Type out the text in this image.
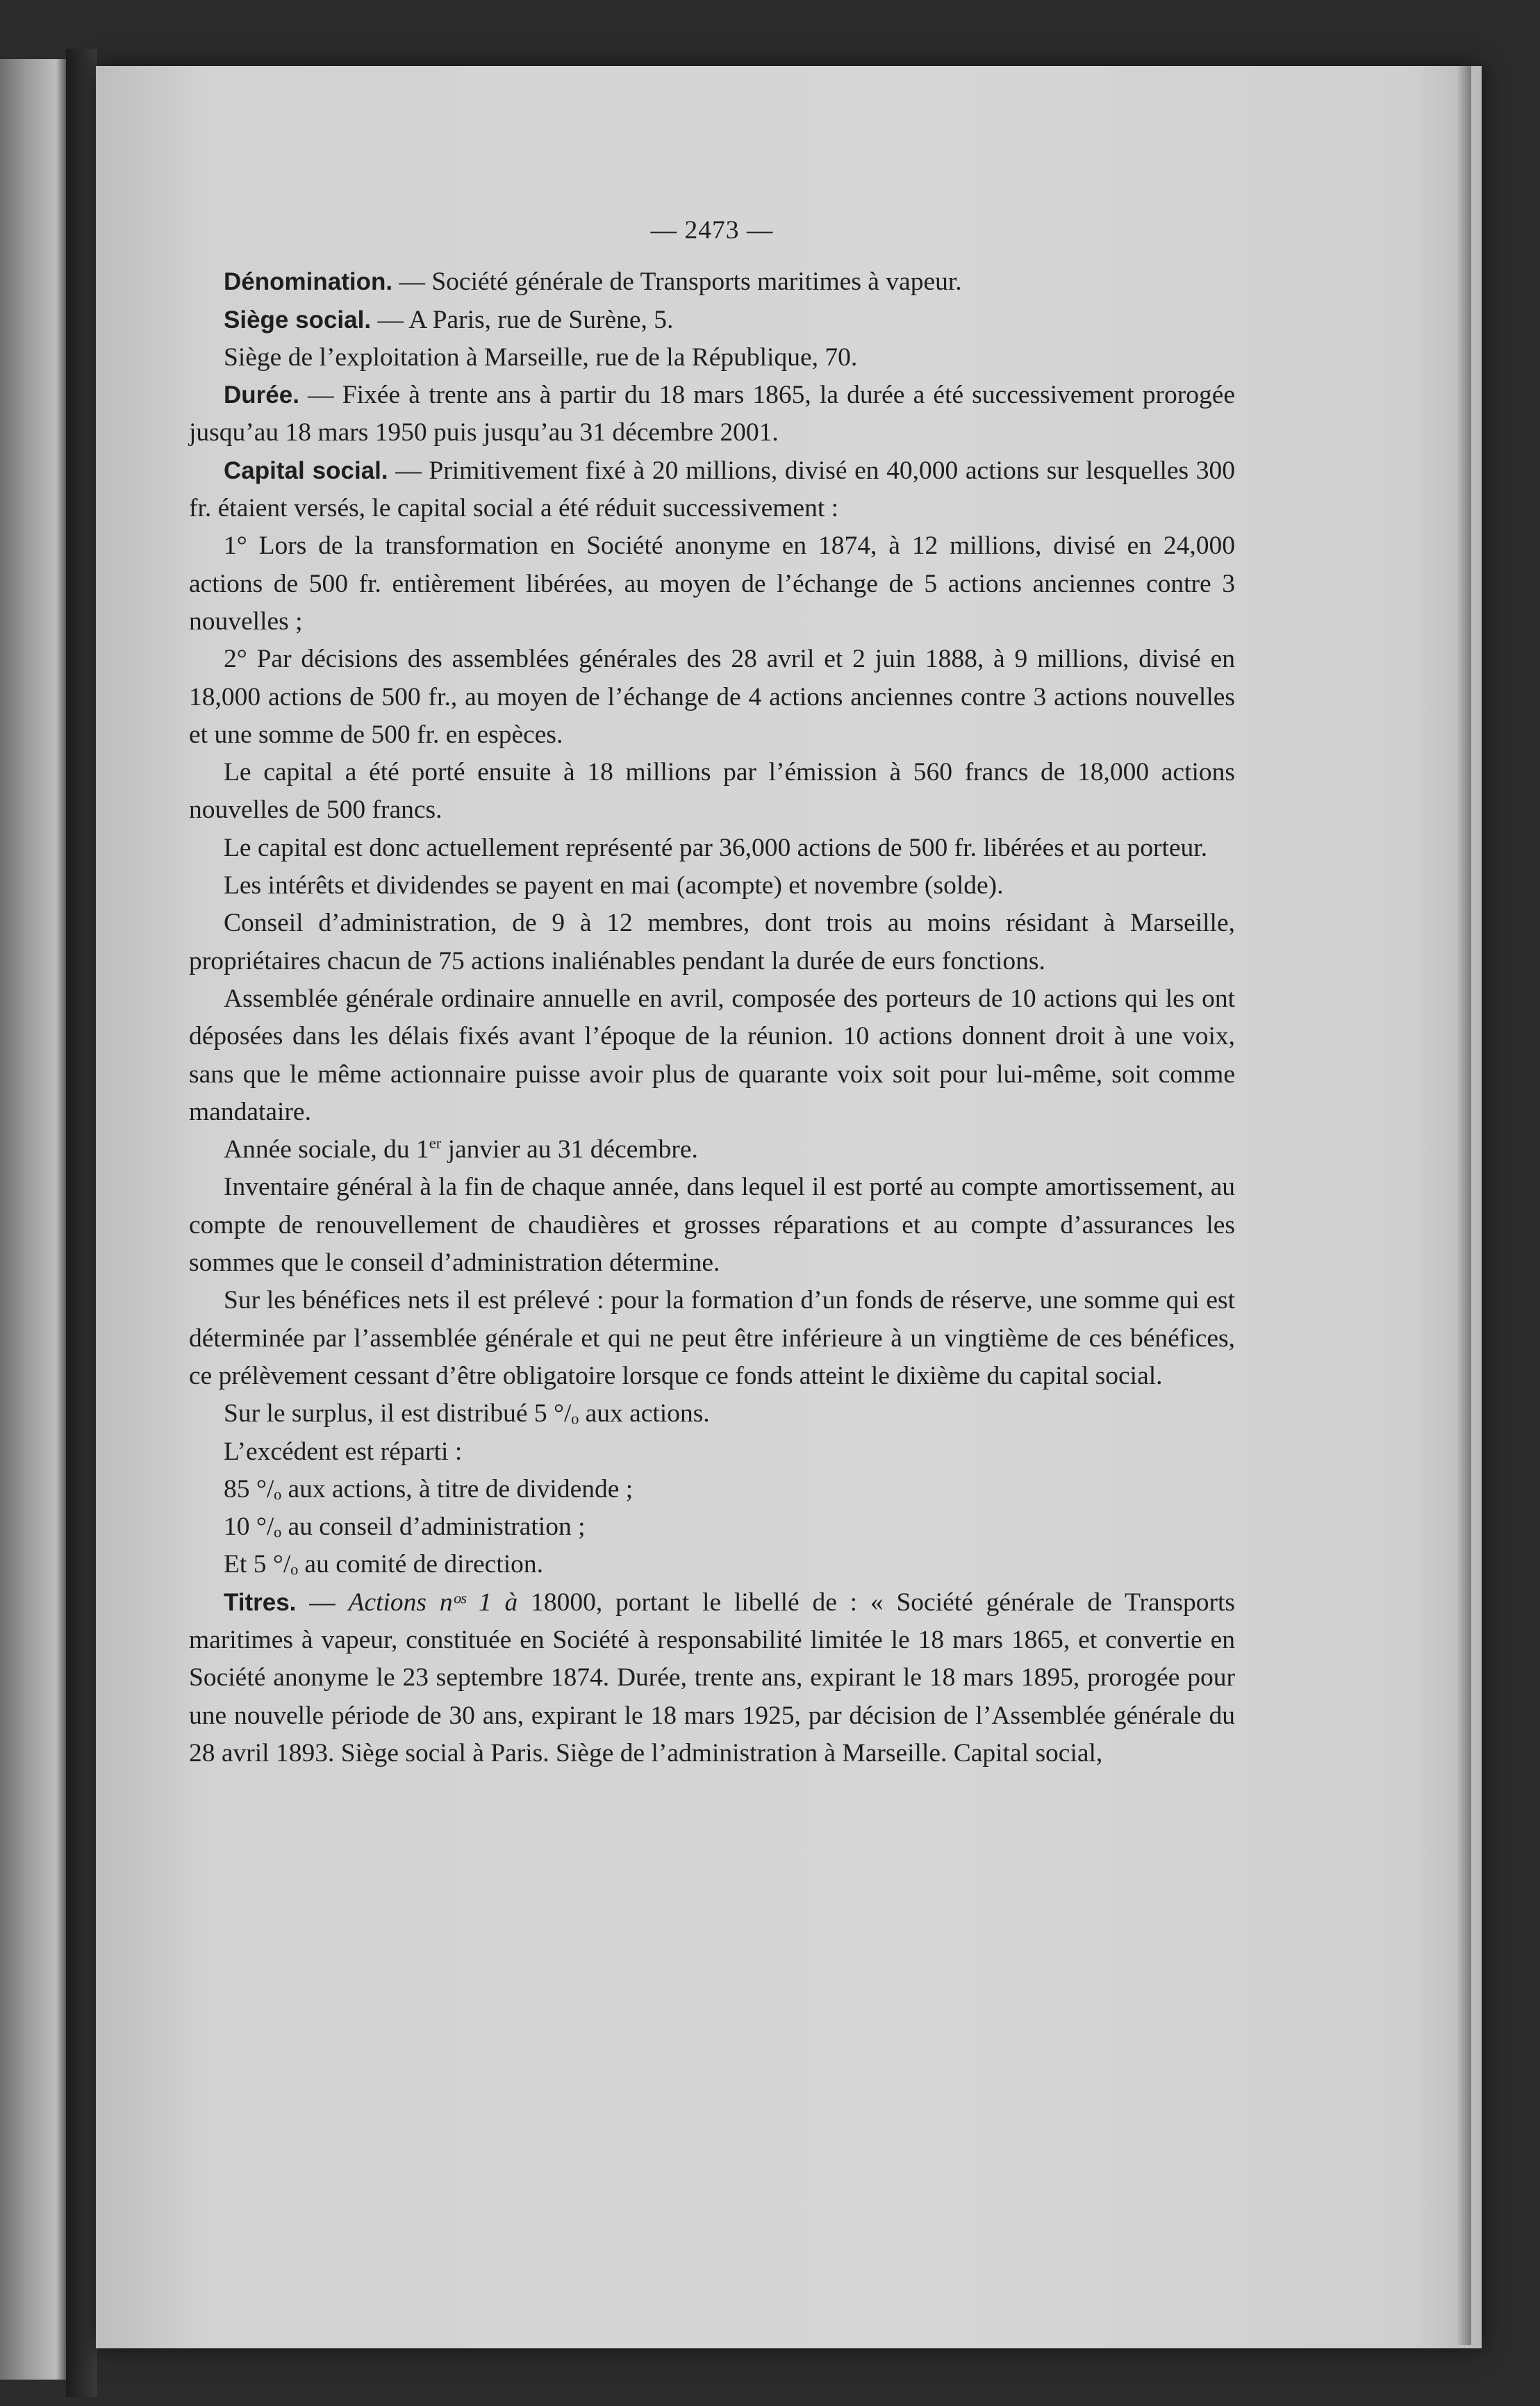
— 2473 —

Dénomination. — Société générale de Transports maritimes à vapeur.

Siège social. — A Paris, rue de Surène, 5.

Siège de l’exploitation à Marseille, rue de la République, 70.

Durée. — Fixée à trente ans à partir du 18 mars 1865, la durée a été successivement prorogée jusqu’au 18 mars 1950 puis jusqu’au 31 décembre 2001.

Capital social. — Primitivement fixé à 20 millions, divisé en 40,000 actions sur lesquelles 300 fr. étaient versés, le capital social a été réduit successivement :

1° Lors de la transformation en Société anonyme en 1874, à 12 millions, divisé en 24,000 actions de 500 fr. entièrement libérées, au moyen de l’échange de 5 actions anciennes contre 3 nouvelles ;

2° Par décisions des assemblées générales des 28 avril et 2 juin 1888, à 9 millions, divisé en 18,000 actions de 500 fr., au moyen de l’échange de 4 actions anciennes contre 3 actions nouvelles et une somme de 500 fr. en espèces.

Le capital a été porté ensuite à 18 millions par l’émission à 560 francs de 18,000 actions nouvelles de 500 francs.

Le capital est donc actuellement représenté par 36,000 actions de 500 fr. libérées et au porteur.

Les intérêts et dividendes se payent en mai (acompte) et novembre (solde).

Conseil d’administration, de 9 à 12 membres, dont trois au moins résidant à Marseille, propriétaires chacun de 75 actions inaliénables pendant la durée de eurs fonctions.

Assemblée générale ordinaire annuelle en avril, composée des porteurs de 10 actions qui les ont déposées dans les délais fixés avant l’époque de la réunion. 10 actions donnent droit à une voix, sans que le même actionnaire puisse avoir plus de quarante voix soit pour lui-même, soit comme mandataire.

Année sociale, du 1er janvier au 31 décembre.

Inventaire général à la fin de chaque année, dans lequel il est porté au compte amortissement, au compte de renouvellement de chaudières et grosses réparations et au compte d’assurances les sommes que le conseil d’administration détermine.

Sur les bénéfices nets il est prélevé : pour la formation d’un fonds de réserve, une somme qui est déterminée par l’assemblée générale et qui ne peut être inférieure à un vingtième de ces bénéfices, ce prélèvement cessant d’être obligatoire lorsque ce fonds atteint le dixième du capital social.

Sur le surplus, il est distribué 5 °/ₒ aux actions.

L’excédent est réparti :

85 °/ₒ aux actions, à titre de dividende ;

10 °/ₒ au conseil d’administration ;

Et 5 °/ₒ au comité de direction.

Titres. — Actions nᵒˢ 1 à 18000, portant le libellé de : « Société générale de Transports maritimes à vapeur, constituée en Société à responsabilité limitée le 18 mars 1865, et convertie en Société anonyme le 23 septembre 1874. Durée, trente ans, expirant le 18 mars 1895, prorogée pour une nouvelle période de 30 ans, expirant le 18 mars 1925, par décision de l’Assemblée générale du 28 avril 1893. Siège social à Paris. Siège de l’administration à Marseille. Capital social,
